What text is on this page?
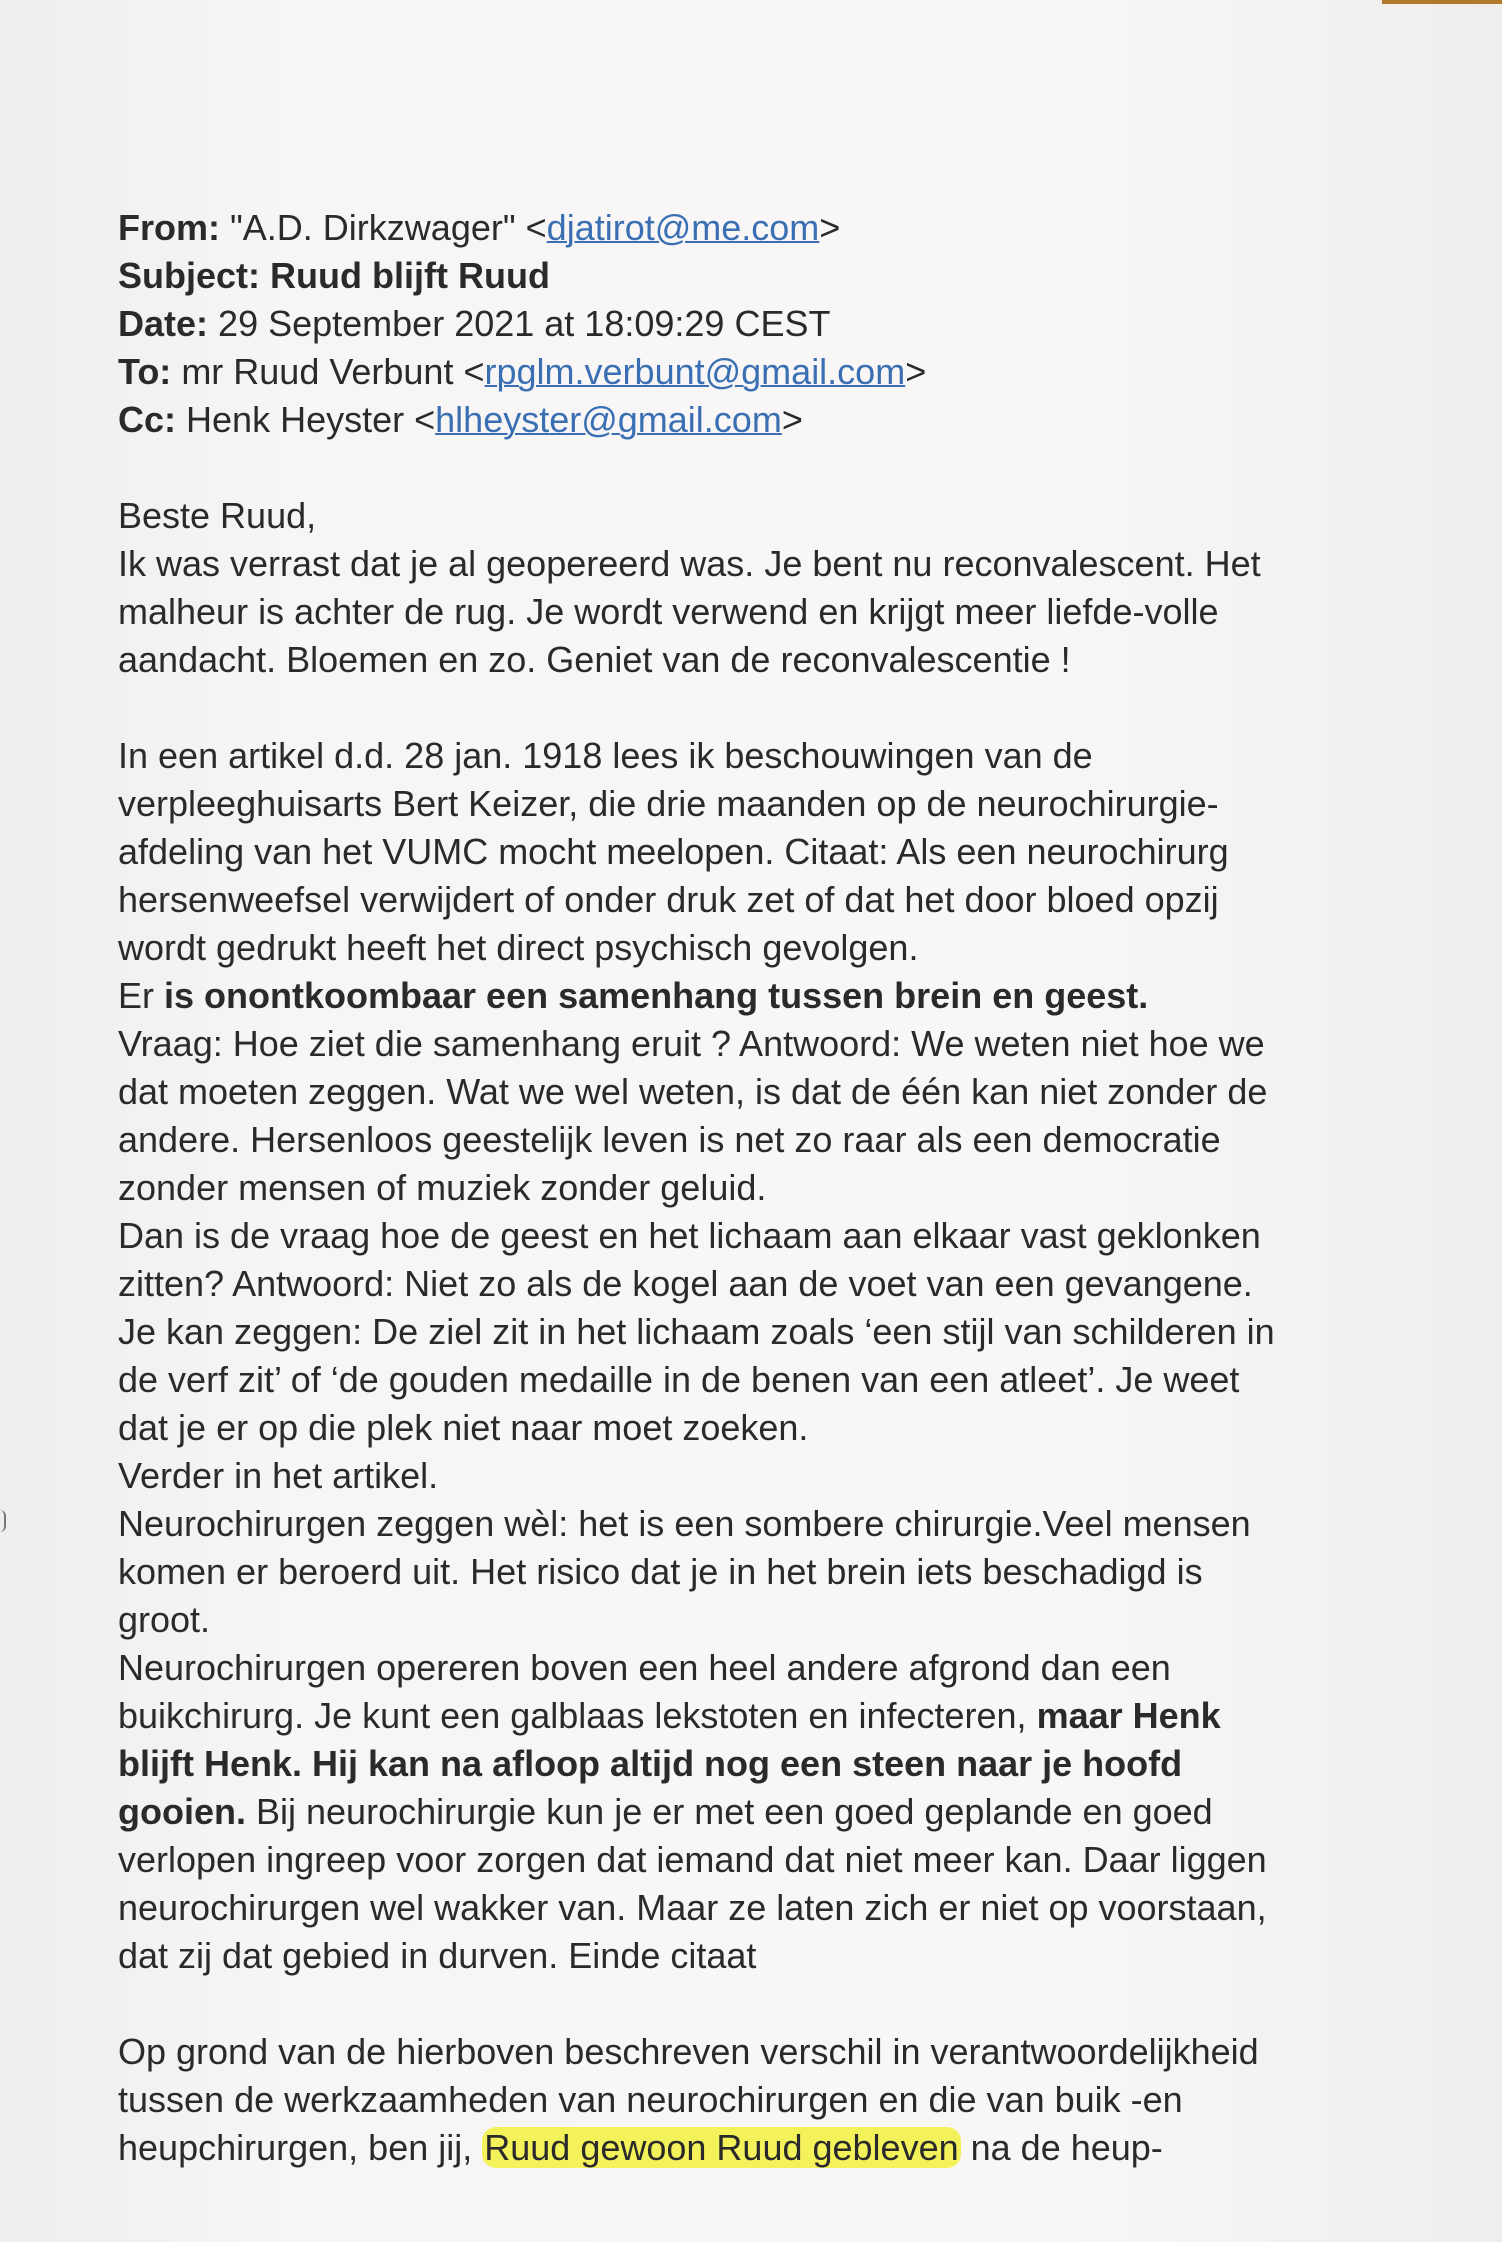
From: "A.D. Dirkzwager" <djatirot@me.com>
Subject: Ruud blijft Ruud
Date: 29 September 2021 at 18:09:29 CEST
To: mr Ruud Verbunt <rpglm.verbunt@gmail.com>
Cc: Henk Heyster <hlheyster@gmail.com>
Beste Ruud,
Ik was verrast dat je al geopereerd was. Je bent nu reconvalescent. Het
malheur is achter de rug. Je wordt verwend en krijgt meer liefde-volle
aandacht. Bloemen en zo. Geniet van de reconvalescentie !
In een artikel d.d. 28 jan. 1918 lees ik beschouwingen van de
verpleeghuisarts Bert Keizer, die drie maanden op de neurochirurgie-
afdeling van het VUMC mocht meelopen. Citaat: Als een neurochirurg
hersenweefsel verwijdert of onder druk zet of dat het door bloed opzij
wordt gedrukt heeft het direct psychisch gevolgen.
Er is onontkoombaar een samenhang tussen brein en geest.
Vraag: Hoe ziet die samenhang eruit ? Antwoord: We weten niet hoe we
dat moeten zeggen. Wat we wel weten, is dat de één kan niet zonder de
andere. Hersenloos geestelijk leven is net zo raar als een democratie
zonder mensen of muziek zonder geluid.
Dan is de vraag hoe de geest en het lichaam aan elkaar vast geklonken
zitten? Antwoord: Niet zo als de kogel aan de voet van een gevangene.
Je kan zeggen: De ziel zit in het lichaam zoals ‘een stijl van schilderen in
de verf zit’ of ‘de gouden medaille in de benen van een atleet’. Je weet
dat je er op die plek niet naar moet zoeken.
Verder in het artikel.
Neurochirurgen zeggen wèl: het is een sombere chirurgie.Veel mensen
komen er beroerd uit. Het risico dat je in het brein iets beschadigd is
groot.
Neurochirurgen opereren boven een heel andere afgrond dan een
buikchirurg. Je kunt een galblaas lekstoten en infecteren, maar Henk
blijft Henk. Hij kan na afloop altijd nog een steen naar je hoofd
gooien. Bij neurochirurgie kun je er met een goed geplande en goed
verlopen ingreep voor zorgen dat iemand dat niet meer kan. Daar liggen
neurochirurgen wel wakker van. Maar ze laten zich er niet op voorstaan,
dat zij dat gebied in durven. Einde citaat
Op grond van de hierboven beschreven verschil in verantwoordelijkheid
tussen de werkzaamheden van neurochirurgen en die van buik -en
heupchirurgen, ben jij, Ruud gewoon Ruud gebleven na de heup-
